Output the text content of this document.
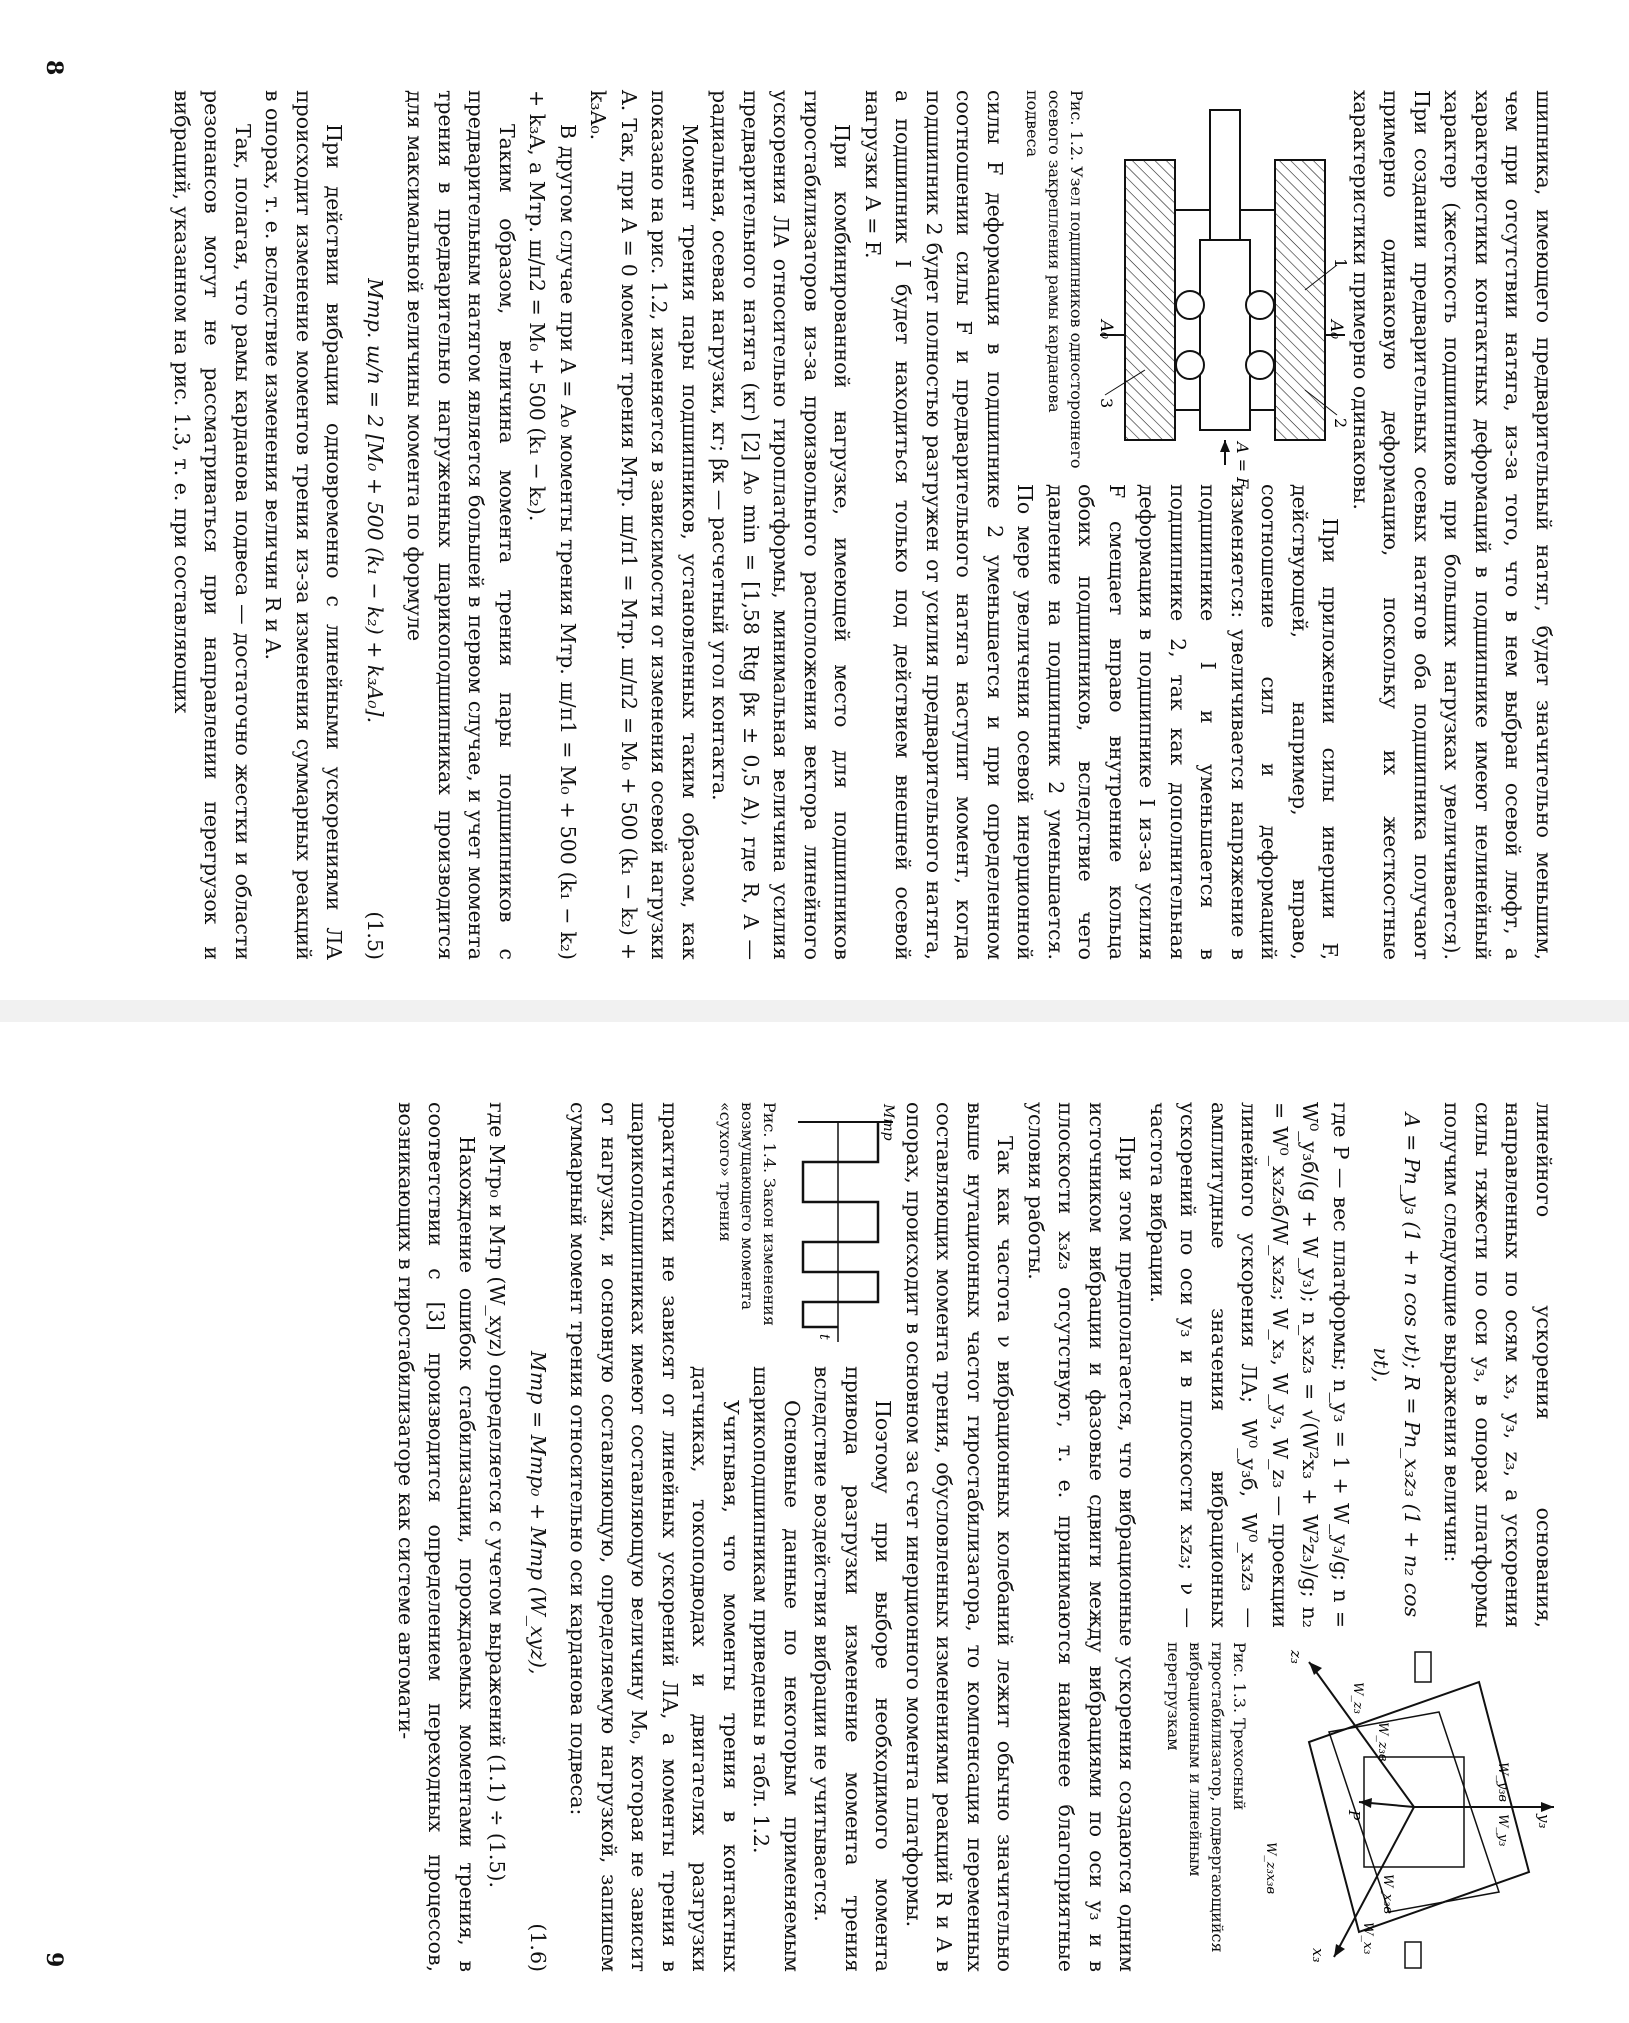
шипника, имеющего предварительный натяг, будет значительно меньшим, чем при отсутствии натяга, из-за того, что в нем выбран осевой люфт, а характеристики контактных деформаций в подшипнике имеют нелинейный характер (жесткость подшипников при больших нагрузках увеличивается). При создании предварительных осевых натягов оба подшипника получают примерно одинаковую деформацию, поскольку их жесткостные характеристики примерно одинаковы.

A₀
A₀
A = F
1
2
3
Рис. 1.2. Узел подшипников одностороннего осевого закрепления рамы карданова подвеса

При приложении силы инерции F, действующей, например, вправо, соотношение сил и деформаций изменяется: увеличивается напряжение в подшипнике I и уменьшается в подшипнике 2, так как дополнительная деформация в подшипнике I из-за усилия F смещает вправо внутренние кольца обоих подшипников, вследствие чего давление на подшипник 2 уменьшается. По мере увеличения осевой инерционной силы F деформация в подшипнике 2 уменьшается и при определенном соотношении силы F и предварительного натяга наступит момент, когда подшипник 2 будет полностью разгружен от усилия предварительного натяга, а подшипник I будет находиться только под действием внешней осевой нагрузки A = F.

При комбинированной нагрузке, имеющей место для подшипников гиростабилизаторов из-за произвольного расположения вектора линейного ускорения ЛА относительно гироплатформы, минимальная величина усилия предварительного натяга (кг) [2] A₀ min = [1,58 Rtg βк ± 0,5 A), где R, A — радиальная, осевая нагрузки, кг; βк — расчетный угол контакта.

Момент трения пары подшипников, установленных таким образом, как показано на рис. 1.2, изменяется в зависимости от изменения осевой нагрузки A. Так, при A = 0 момент трения Mтр. ш/п1 = Mтр. ш/п2 = M₀ + 500 (k₁ − k₂) + k₃A₀.

В другом случае при A = A₀ моменты трения Mтр. ш/п1 = M₀ + 500 (k₁ − k₂) + k₃A, а Mтр. ш/п2 = M₀ + 500 (k₁ − k₂).

Таким образом, величина момента трения пары подшипников с предварительным натягом является большей в первом случае, и учет момента трения в предварительно нагруженных шарикоподшипниках производится для максимальной величины момента по формуле

Mтр. ш/п = 2 [M₀ + 500 (k₁ − k₂) + k₃A₀].
(1.5)

При действии вибрации одновременно с линейными ускорениями ЛА происходит изменение моментов трения из-за изменения суммарных реакций в опорах, т. е. вследствие изменения величин R и A.

Так, полагая, что рамы карданова подвеса — достаточно жестки и области резонансов могут не рассматриваться при направлении перегрузок и вибраций, указанном на рис. 1.3, т. е. при составляющих

8
y₃
z₃
x₃
P	W_y₃
W_y₃в
W_z₃
W_z₃в
W_x₃
W_x₃в
W_z₃x₃в
Рис. 1.3. Трехосный гиростабилизатор, подвергающийся вибрационным и линейным перегрузкам

линейного ускорения основания, направленных по осям x₃, y₃, z₃, а ускорения силы тяжести по оси y₃, в опорах платформы получим следующие выражения величин:

A = Pn_y₃ (1 + n cos νt); R = Pn_x₃z₃ (1 + n₂ cos νt),

где P — вес платформы; n_y₃ = 1 + W_y₃/g; n = W⁰_y₃б/(g + W_y₃); n_x₃z₃ = √(W²x₃ + W²z₃)/g; n₂ = W⁰_x₃z₃б/W_x₃z₃; W_x₃, W_y₃, W_z₃ — проекции линейного ускорения ЛА; W⁰_y₃б, W⁰_x₃z₃ — амплитудные значения вибрационных ускорений по оси y₃ и в плоскости x₃z₃; ν — частота вибрации.

При этом предполагается, что вибрационные ускорения создаются одним источником вибрации и фазовые сдвиги между вибрациями по оси y₃ и в плоскости x₃z₃ отсутствуют, т. е. принимаются наименее благоприятные условия работы.

Так как частота ν вибрационных колебаний лежит обычно значительно выше нутационных частот гиростабилизатора, то компенсация переменных составляющих момента трения, обусловленных изменениями реакций R и A в опорах, происходит в основном за счет инерционного момента платформы.

Mтр
t
Рис. 1.4. Закон изменения возмущающего момента «сухого» трения

Поэтому при выборе необходимого момента привода разгрузки изменение момента трения вследствие воздействия вибрации не учитывается.

Основные данные по некоторым применяемым шарикоподшипникам приведены в табл. 1.2.

Учитывая, что моменты трения в контактных датчиках, токоподводах и двигателях разгрузки практически не зависят от линейных ускорений ЛА, а моменты трения в шарикоподшипниках имеют составляющую величину M₀, которая не зависит от нагрузки, и основную составляющую, определяемую нагрузкой, запишем суммарный момент трения относительно оси карданова подвеса:

Mтр = Mтр₀ + Mтр (W_xyz),
(1.6)

где Mтр₀ и Mтр (W_xyz) определяется с учетом выражений (1.1) ÷ (1.5).

Нахождение ошибок стабилизации, порождаемых моментами трения, в соответствии с [3] производится определением переходных процессов, возникающих в гиростабилизаторе как системе автомати-

9
